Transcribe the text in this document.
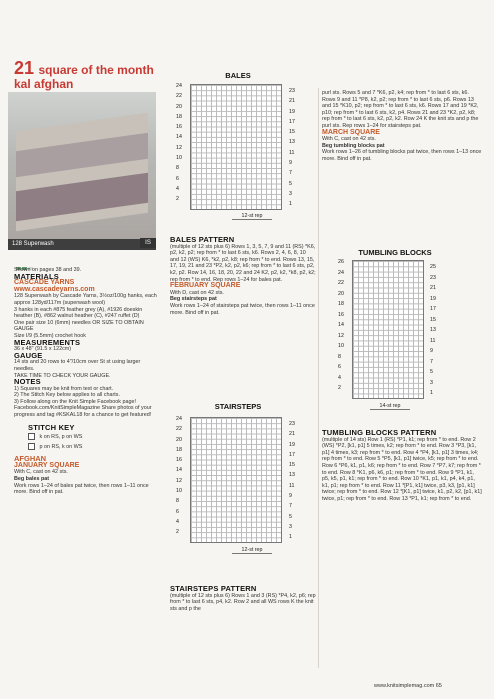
21 square of the month kal afghan
128 Superwash	IS
Shown on pages 38 and 39.
MATERIALS
CASCADE YARNS
www.cascadeyarns.com
128 Superwash by Cascade Yarns, 3½oz/100g hanks, each approx 128yd/117m (superwash wool)
3 hanks in each #875 feather grey (A), #1926 doeskin heather (B), #862 walnut heather (C), #247 ruffet (D)
One pair size 10 (6mm) needles OR SIZE TO OBTAIN GAUGE
Size I/9 (5.5mm) crochet hook
MEASUREMENTS
36 x 48" (91.5 x 122cm)
GAUGE
14 sts and 20 rows to 4"/10cm over St st using larger needles.
TAKE TIME TO CHECK YOUR GAUGE.
NOTES
1) Squares may be knit from text or chart.
2) The Stitch Key below applies to all charts.
3) Follow along on the Knit Simple Facebook page! Facebook.com/KnitSimpleMagazine Share photos of your progress and tag #KSKAL18 for a chance to get featured!
STITCH KEY
k on RS, p on WS
p on RS, k on WS
AFGHAN
JANUARY SQUARE
With C, cast on 42 sts.
Beg bales pat
Work rows 1–24 of bales pat twice, then rows 1–11 once more. Bind off in pat.
BALES
24
22
20
18
16
14
12
10
8
6
4
2
23
21
19
17
15
13
11
9
7
5
3
1
12-st rep
BALES PATTERN
(multiple of 12 sts plus 6) Rows 1, 3, 5, 7, 9 and 11 (RS) *K6, p2, k2, p2; rep from * to last 6 sts, k6. Rows 2, 4, 6, 8, 10 and 12 (WS) K6, *k2, p2, k8; rep from * to end. Rows 13, 15, 17, 19, 21 and 23 *P2, k2, p2, k6; rep from * to last 6 sts, p2, k2, p2. Row 14, 16, 18, 20, 22 and 24 K2, p2, k2, *k8, p2, k2; rep from * to end. Rep rows 1–24 for bales pat.
FEBRUARY SQUARE
With D, cast on 42 sts.
Beg stairsteps pat
Work rows 1–24 of stairsteps pat twice, then rows 1–11 once more. Bind off in pat.
STAIRSTEPS
24
22
20
18
16
14
12
10
8
6
4
2
23
21
19
17
15
13
11
9
7
5
3
1
12-st rep
STAIRSTEPS PATTERN
(multiple of 12 sts plus 6) Rows 1 and 3 (RS) *P4, k2, p6; rep from * to last 6 sts, p4, k2. Row 2 and all WS rows K the knit sts and p the
purl sts. Rows 5 and 7 *K6, p2, k4; rep from * to last 6 sts, k6. Rows 9 and 11 *P8, k2, p2; rep from * to last 6 sts, p6. Rows 13 and 15 *K10, p2; rep from * to last 6 sts, k6. Rows 17 and 19 *K2, p10; rep from * to last 6 sts, k2, p4. Rows 21 and 23 *K2, p2, k8; rep from * to last 6 sts, k2, p2, k2. Row 24 K the knit sts and p the purl sts. Rep rows 1–24 for stairsteps pat.
MARCH SQUARE
With C, cast on 42 sts.
Beg tumbling blocks pat
Work rows 1–26 of tumbling blocks pat twice, then rows 1–13 once more. Bind off in pat.
TUMBLING BLOCKS
26
24
22
20
18
16
14
12
10
8
6
4
2
25
23
21
19
17
15
13
11
9
7
5
3
1
14-st rep
TUMBLING BLOCKS PATTERN
(multiple of 14 sts) Row 1 (RS) *P1, k1; rep from * to end. Row 2 (WS) *P2, [k1, p1] 5 times, k2; rep from * to end. Row 3 *P3, [k1, p1] 4 times, k3; rep from * to end. Row 4 *P4, [k1, p1] 3 times, k4; rep from * to end. Row 5 *P5, [k1, p1] twice, k5; rep from * to end. Row 6 *P6, k1, p1, k6; rep from * to end. Row 7 *P7, k7; rep from * to end. Row 8 *K1, p6, k6, p1; rep from * to end. Row 9 *P1, k1, p5, k5, p1, k1; rep from * to end. Row 10 *K1, p1, k1, p4, k4, p1, k1, p1; rep from * to end. Row 11 *[P1, k1] twice, p3, k3, [p1, k1] twice; rep from * to end. Row 12 *[K1, p1] twice, k1, p2, k2, [p1, k1] twice, p1; rep from * to end. Row 13 *P1, k1; rep from * to end.
www.knitsimplemag.com 65
